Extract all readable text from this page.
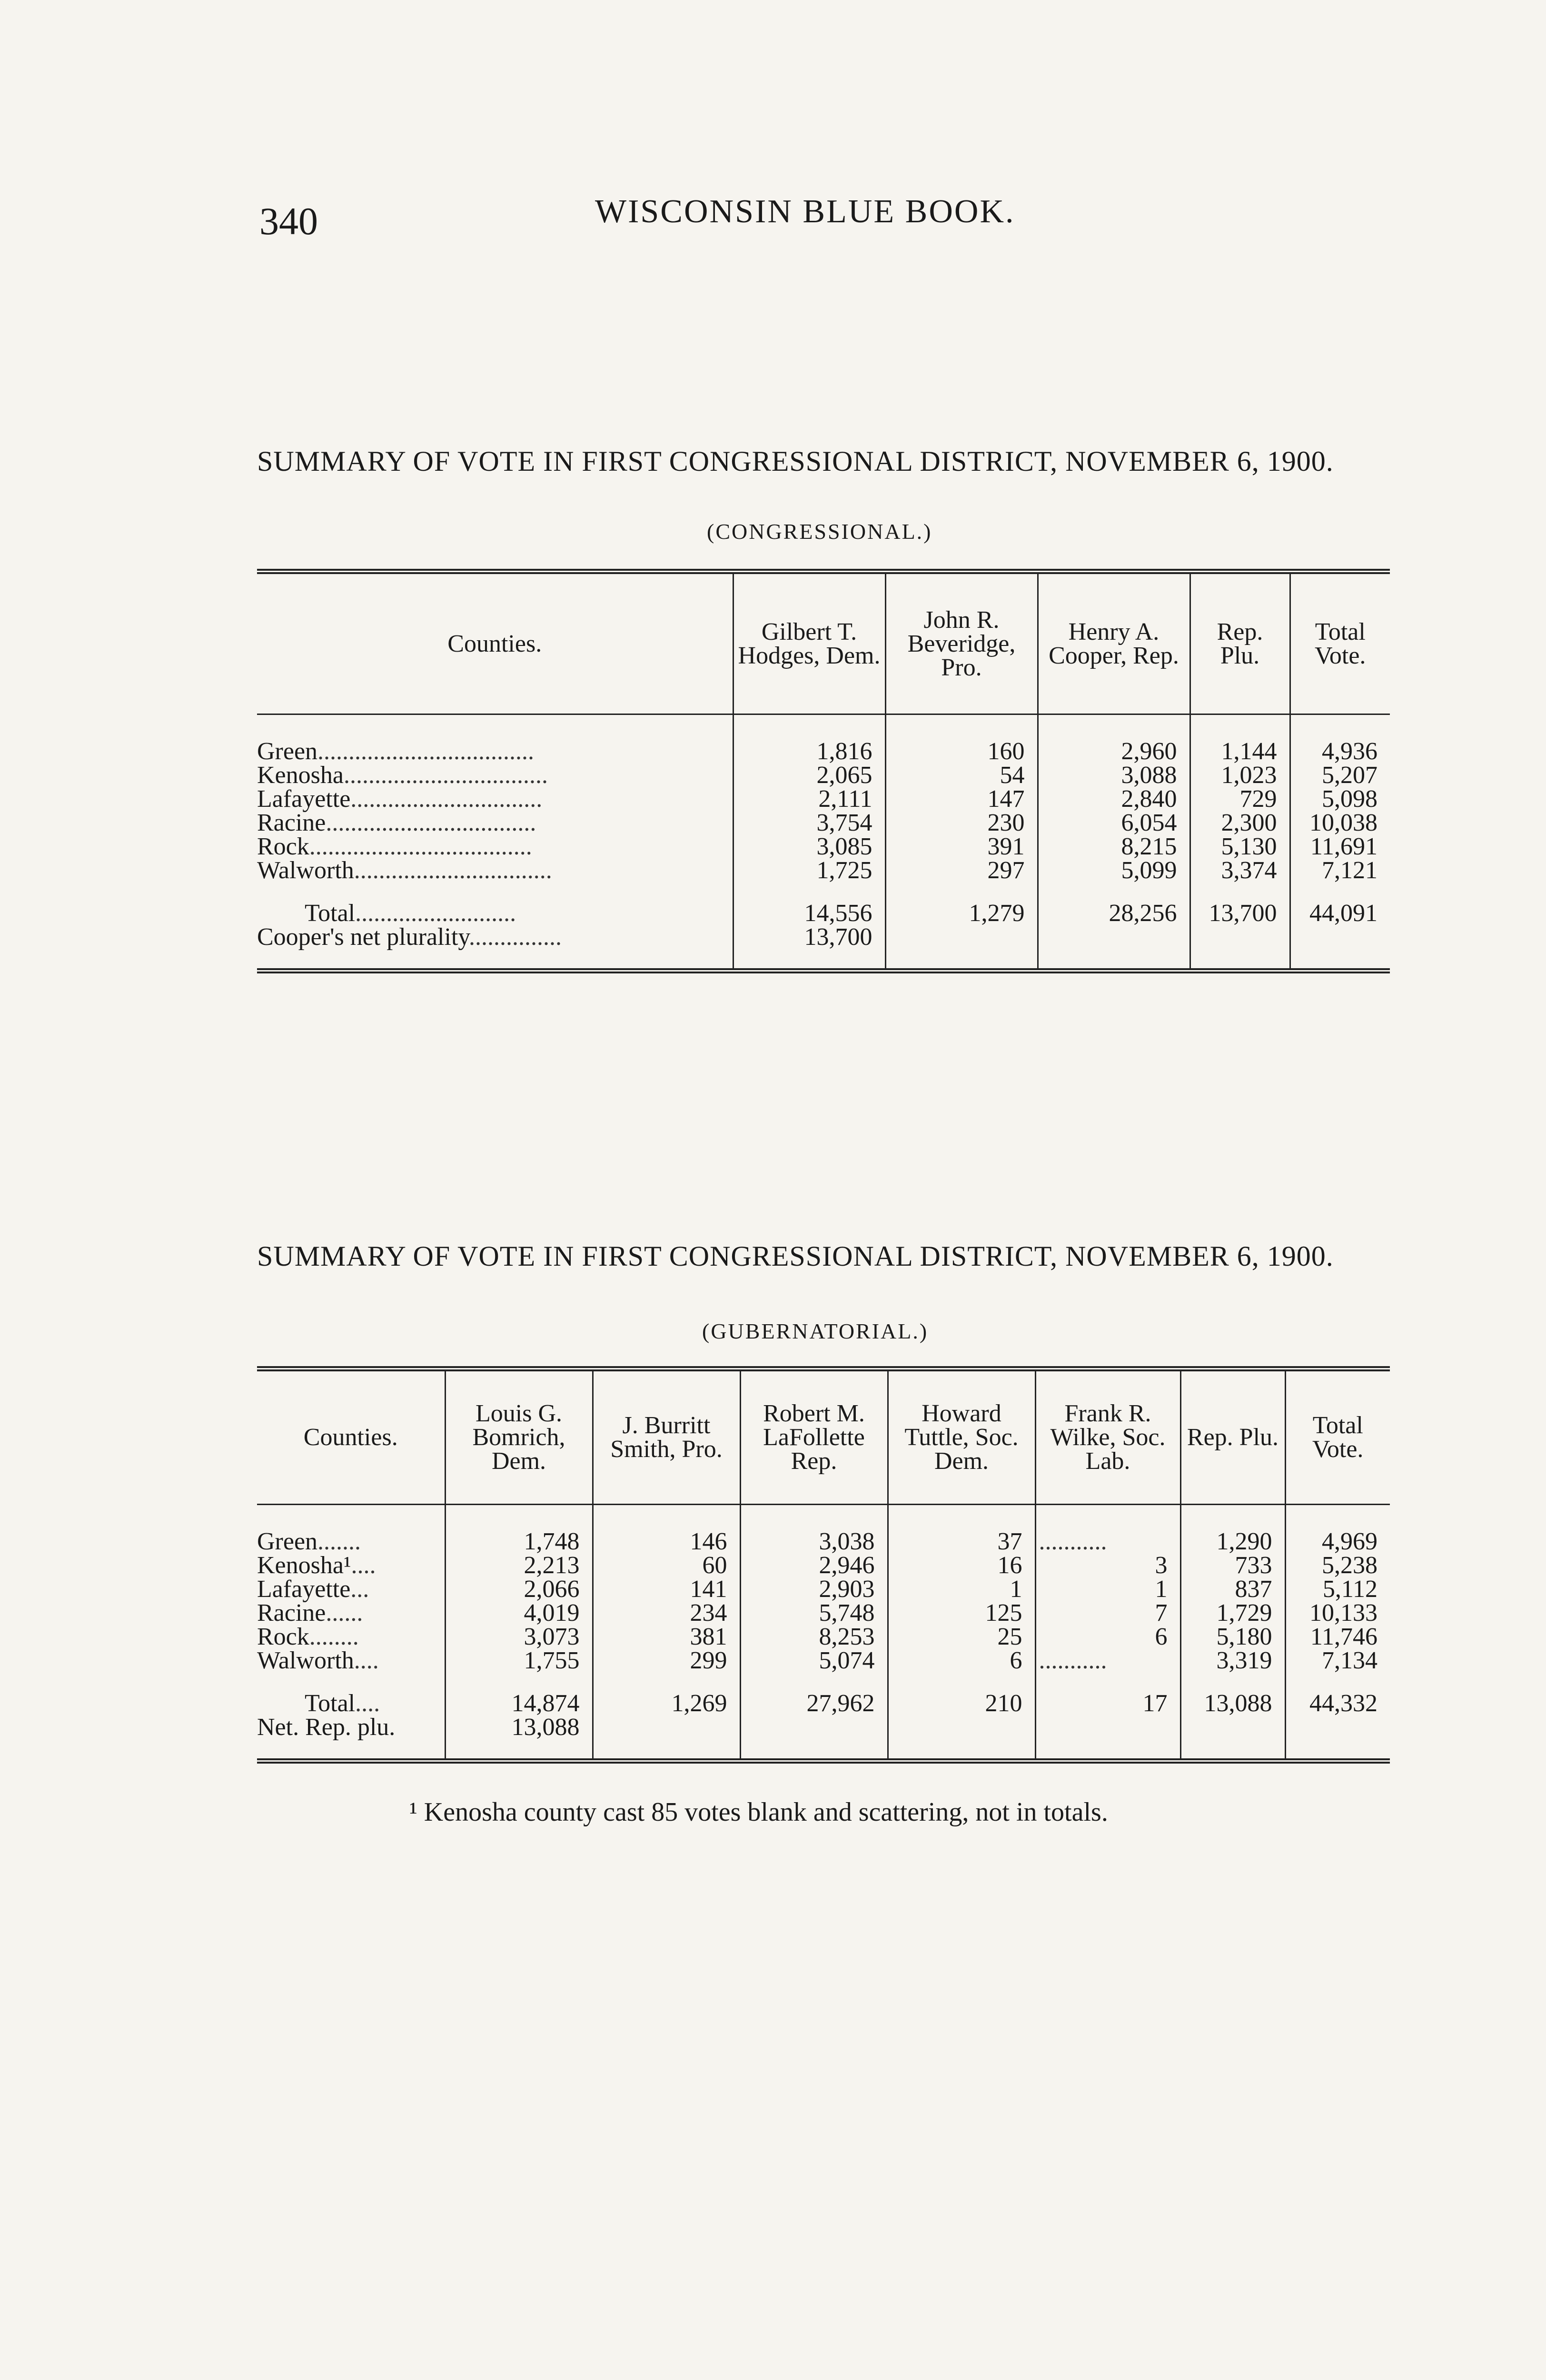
340	WISCONSIN BLUE BOOK.
SUMMARY OF VOTE IN FIRST CONGRESSIONAL DISTRICT, NOVEMBER 6, 1900.
(CONGRESSIONAL.)
Counties.	Gilbert T. Hodges, Dem.	John R. Beveridge, Pro.	Henry A. Cooper, Rep.	Rep. Plu.	Total Vote.

Green...................................	1,816	160	2,960	1,144	4,936
Kenosha.................................	2,065	54	3,088	1,023	5,207
Lafayette...............................	2,111	147	2,840	729	5,098
Racine..................................	3,754	230	6,054	2,300	10,038
Rock....................................	3,085	391	8,215	5,130	11,691
Walworth................................	1,725	297	5,099	3,374	7,121

Total..........................	14,556	1,279	28,256	13,700	44,091
Cooper's net plurality...............	13,700				

SUMMARY OF VOTE IN FIRST CONGRESSIONAL DISTRICT, NOVEMBER 6, 1900.
(GUBERNATORIAL.)
Counties.	Louis G. Bomrich, Dem.	J. Burritt Smith, Pro.	Robert M. LaFollette Rep.	Howard Tuttle, Soc. Dem.	Frank R. Wilke, Soc. Lab.	Rep. Plu.	Total Vote.

Green.......	1,748	146	3,038	37	...........	1,290	4,969
Kenosha¹....	2,213	60	2,946	16	3	733	5,238
Lafayette...	2,066	141	2,903	1	1	837	5,112
Racine......	4,019	234	5,748	125	7	1,729	10,133
Rock........	3,073	381	8,253	25	6	5,180	11,746
Walworth....	1,755	299	5,074	6	...........	3,319	7,134

Total....	14,874	1,269	27,962	210	17	13,088	44,332
Net. Rep. plu.	13,088						

¹ Kenosha county cast 85 votes blank and scattering, not in totals.
